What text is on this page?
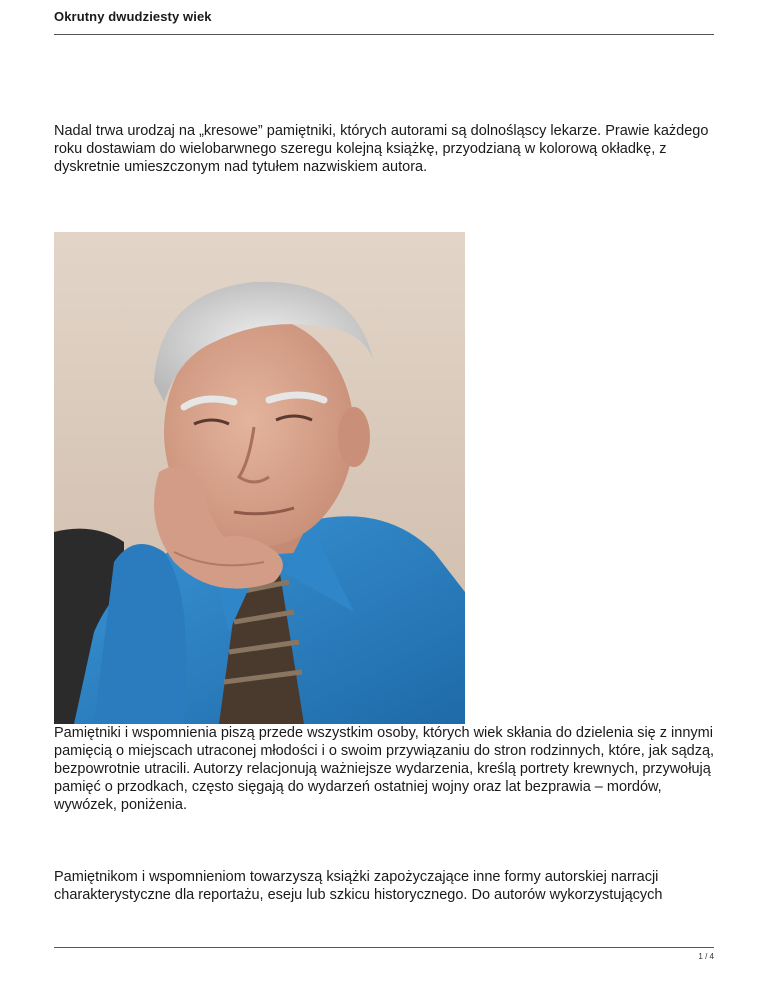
Okrutny dwudziesty wiek

Nadal trwa urodzaj na „kresowe” pamiętniki, których autorami są dolnośląscy lekarze. Prawie każdego roku dostawiam do wielobarwnego szeregu kolejną książkę, przyodzianą w kolorową okładkę, z dyskretnie umieszczonym nad tytułem nazwiskiem autora.

Pamiętniki i wspomnienia piszą przede wszystkim osoby, których wiek skłania do dzielenia się z innymi pamięcią o miejscach utraconej młodości i o swoim przywiązaniu do stron rodzinnych, które, jak sądzą, bezpowrotnie utracili. Autorzy relacjonują ważniejsze wydarzenia, kreślą portrety krewnych, przywołują pamięć o przodkach, często sięgają do wydarzeń ostatniej wojny oraz lat bezprawia – mordów, wywózek, poniżenia.

Pamiętnikom i wspomnieniom towarzyszą książki zapożyczające inne formy autorskiej narracji charakterystyczne dla reportażu, eseju lub szkicu historycznego. Do autorów wykorzystujących

1 / 4
